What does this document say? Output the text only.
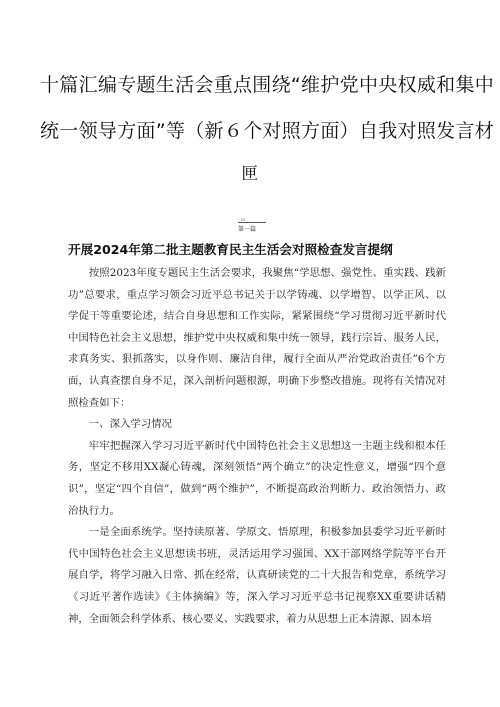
十篇汇编专题生活会重点围绕“维护党中央权威和集中
统一领导方面”等（新６个对照方面）自我对照发言材
匣
ｍ
第一篇
开展2024年第二批主题教育民主生活会对照检查发言提纲

按照2023年度专题民主生活会要求，我聚焦“学思想、强党性、重实践、践新功”总要求，重点学习领会习近平总书记关于以学铸魂、以学增智、以学正风、以学促干等重要论述，结合自身思想和工作实际，紧紧围绕“学习贯彻习近平新时代中国特色社会主义思想，维护党中央权威和集中统一领导，践行宗旨、服务人民，求真务实、狠抓落实，以身作则、廉洁自律，履行全面从严治党政治责任”6个方面，认真查摆自身不足，深入剖析问题根源，明确下步整改措施。现将有关情况对照检查如下：

一、深入学习情况

牢牢把握深入学习习近平新时代中国特色社会主义思想这一主题主线和根本任务，坚定不移用XX凝心铸魂，深刻领悟“两个确立”的决定性意义，增强“四个意识”，坚定“四个自信”，做到“两个维护”，不断提高政治判断力、政治领悟力、政治执行力。

一是全面系统学。坚持读原著、学原文、悟原理，积极参加县委学习近平新时代中国特色社会主义思想读书班，灵活运用学习强国、XX干部网络学院等平台开展自学，将学习融入日常、抓在经常，认真研读党的二十大报告和党章，系统学习《习近平著作选读》《主体摘编》等，深入学习习近平总书记视察XX重要讲话精神，全面领会科学体系、核心要义、实践要求，着力从思想上正本清源、固本培
